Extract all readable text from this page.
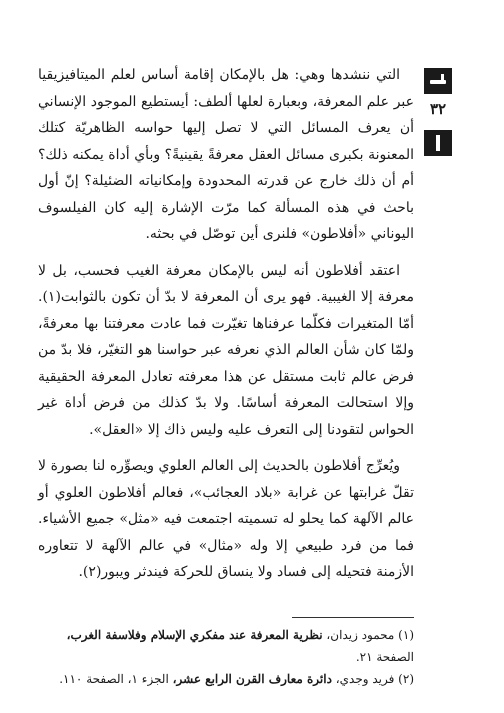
٣٢

التي ننشدها وهي: هل بالإمكان إقامة أساس لعلم الميتافيزيقيا عبر علم المعرفة، وبعبارة لعلها ألطف: أيستطيع الموجود الإنساني أن يعرف المسائل التي لا تصل إليها حواسه الظاهريّة كتلك المعنونة بكبرى مسائل العقل معرفةً يقينيةً؟ وبأي أداة يمكنه ذلك؟ أم أن ذلك خارج عن قدرته المحدودة وإمكانياته الضئيلة؟ إنّ أول باحث في هذه المسألة كما مرّت الإشارة إليه كان الفيلسوف اليوناني «أفلاطون» فلنرى أين توصّل في بحثه.

اعتقد أفلاطون أنه ليس بالإمكان معرفة الغيب فحسب، بل لا معرفة إلا الغيبية. فهو يرى أن المعرفة لا بدّ أن تكون بالثوابت(١). أمّا المتغيرات فكلّما عرفناها تغيّرت فما عادت معرفتنا بها معرفةً، ولمّا كان شأن العالم الذي نعرفه عبر حواسنا هو التغيّر، فلا بدّ من فرض عالم ثابت مستقل عن هذا معرفته تعادل المعرفة الحقيقية وإلا استحالت المعرفة أساسًا. ولا بدّ كذلك من فرض أداة غير الحواس لتقودنا إلى التعرف عليه وليس ذاك إلا «العقل».

ويُعرِّج أفلاطون بالحديث إلى العالم العلوي ويصوِّره لنا بصورة لا تقلّ غرابتها عن غرابة «بلاد العجائب»، فعالم أفلاطون العلوي أو عالم الآلهة كما يحلو له تسميته اجتمعت فيه «مثل» جميع الأشياء. فما من فرد طبيعي إلا وله «مثال» في عالم الآلهة لا تتعاوره الأزمنة فتحيله إلى فساد ولا ينساق للحركة فيندثر ويبور(٢).

(١) محمود زيدان، نظرية المعرفة عند مفكري الإسلام وفلاسفة الغرب، الصفحة ٢١.

(٢) فريد وجدي، دائرة معارف القرن الرابع عشر، الجزء ١، الصفحة ١١٠.
